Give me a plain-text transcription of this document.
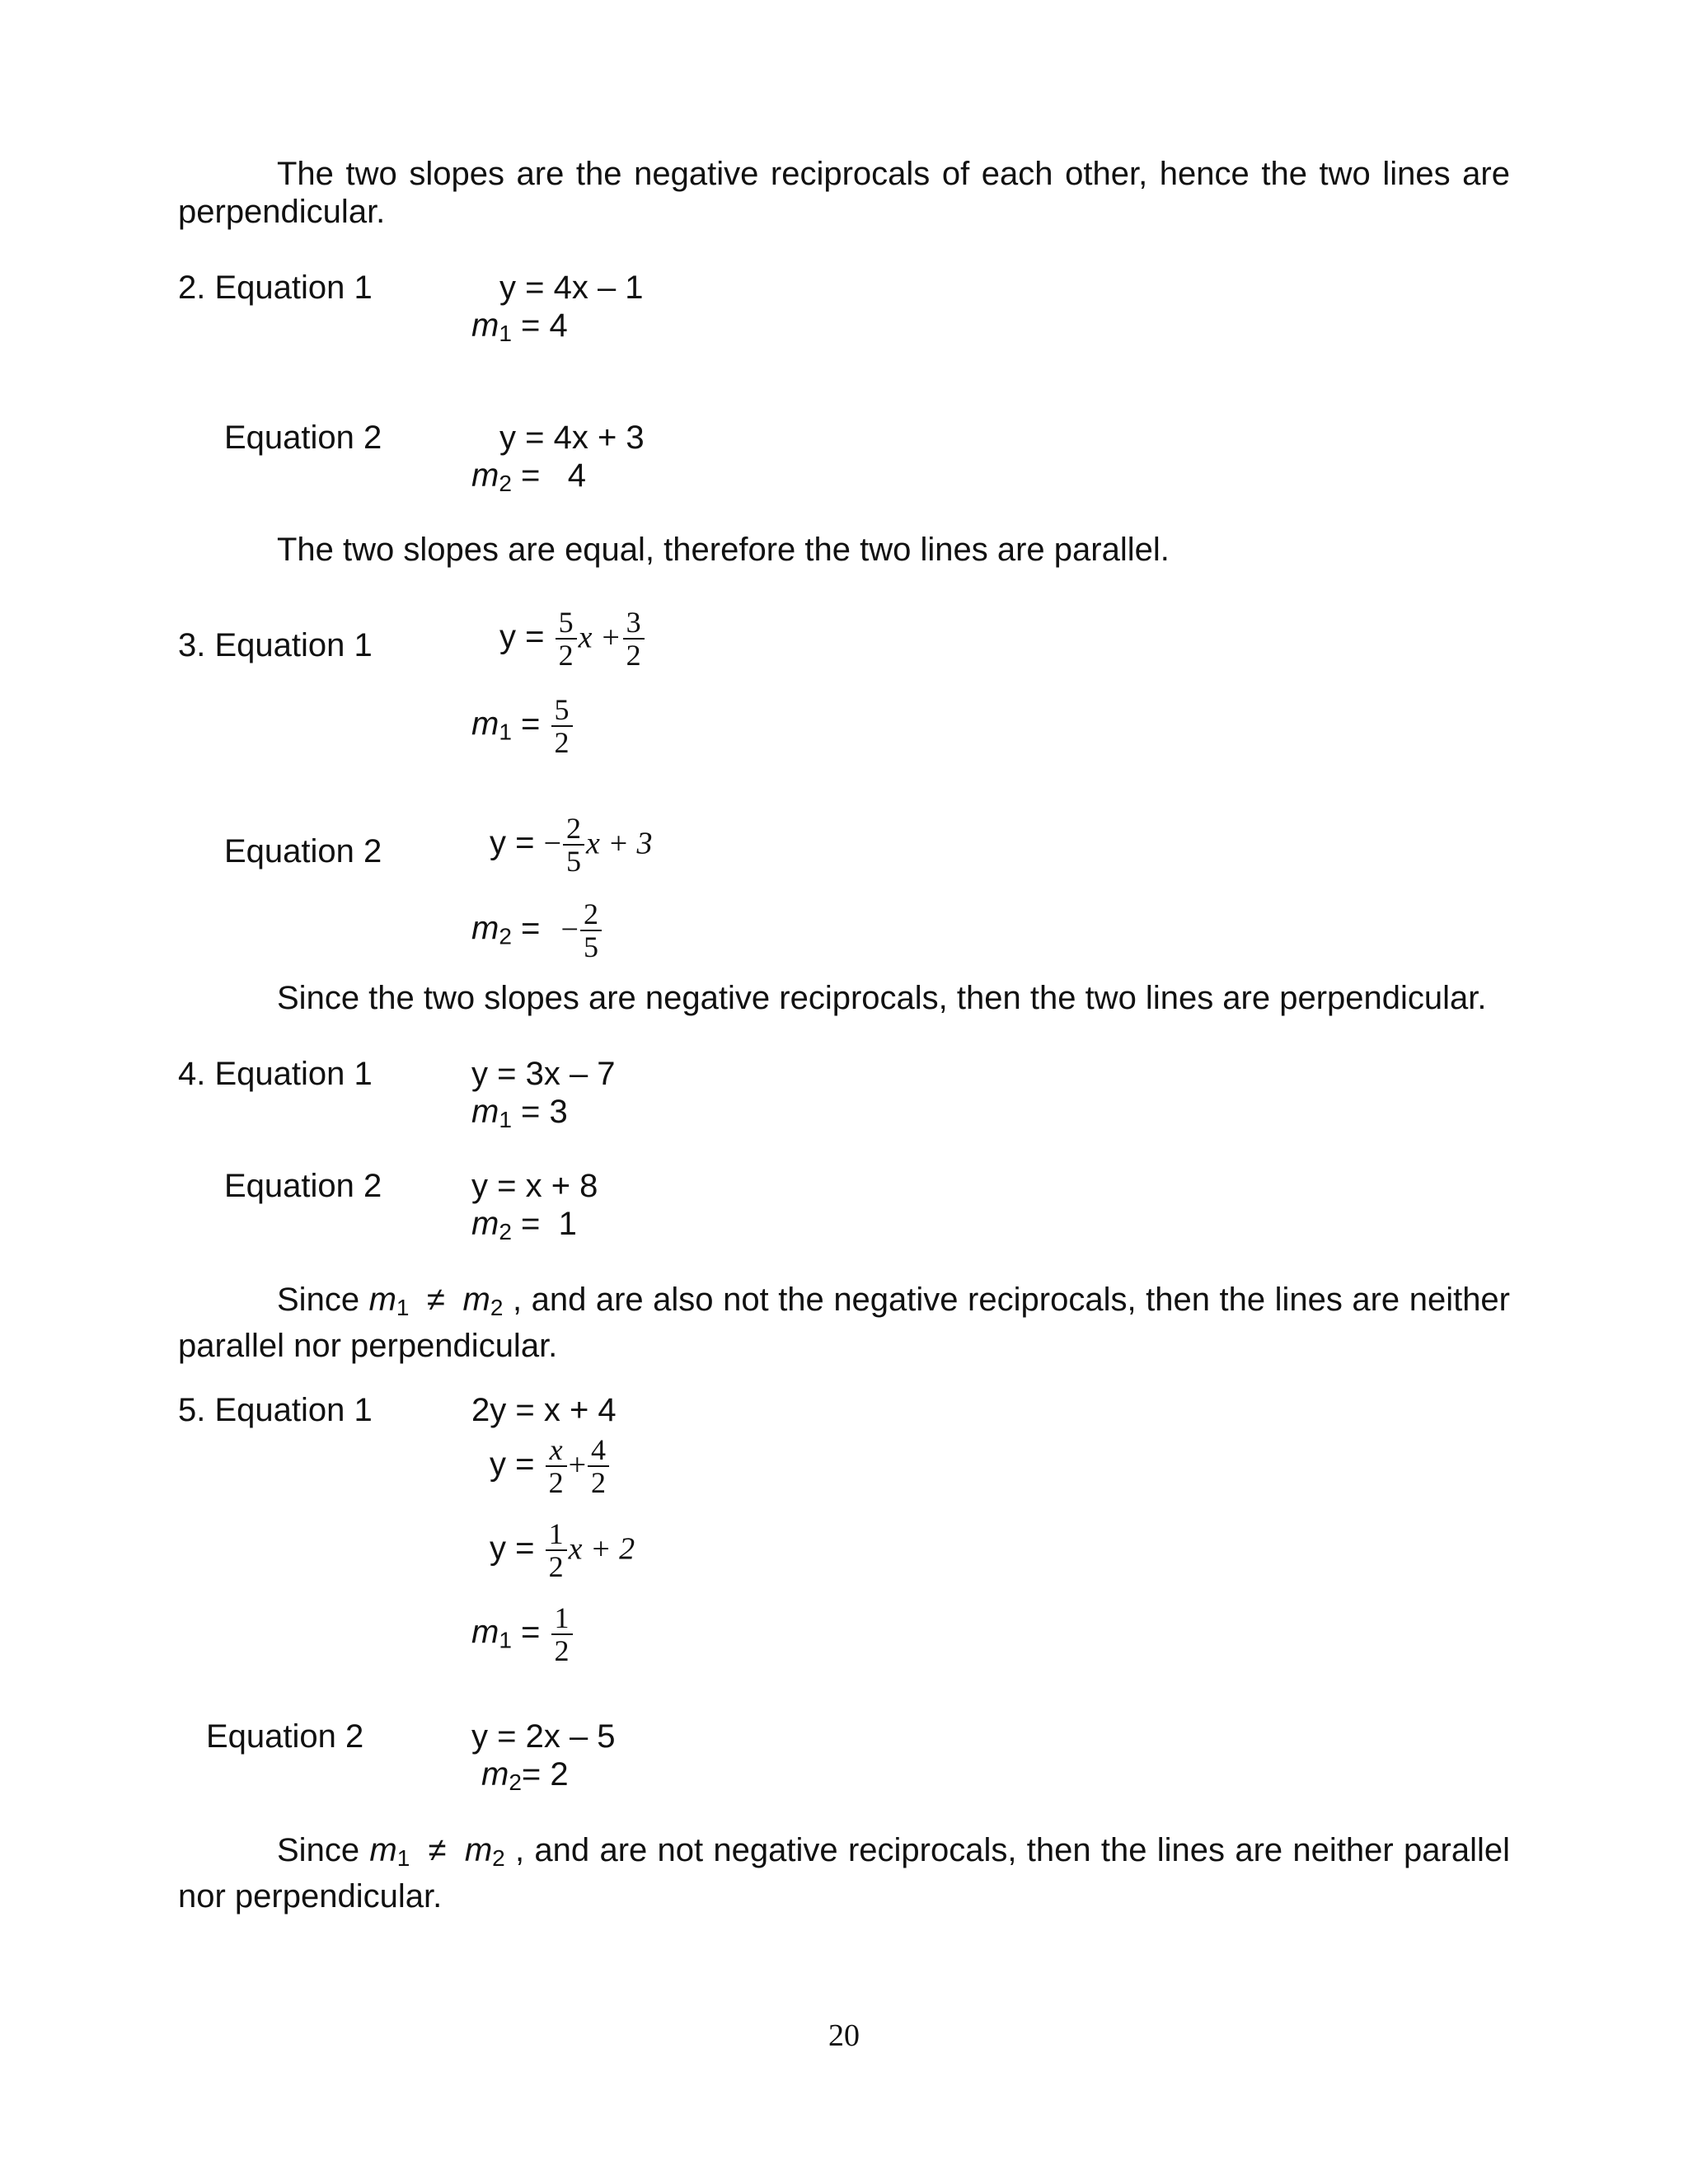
The two slopes are the negative reciprocals of each other, hence the two lines are
perpendicular.
2. Equation 1	y = 4x – 1
$m_1 = 4$
Equation 2	y = 4x + 3
$m_2 = 4$
The two slopes are equal, therefore the two lines are parallel.
3. Equation 1	$y = \frac{5}{2}$ $x + \frac{3}{2}$
$m_1 = \frac{5}{2}$
Equation 2	y = − $\frac{2}{5}$ x + 3
$m_2$ = − $\frac{2}{5}$
Since the two slopes are negative reciprocals, then the two lines are perpendicular.
4. Equation 1	y = 3x – 7
$m_1 = 3$
Equation 2	y = x + 8
$m_2 = 1$
Since $m_1 \ne m_2$ , and are also not the negative reciprocals, then the lines are neither
parallel nor perpendicular.
5. Equation 1	2y = x + 4
$y = \frac{x}{2} + \frac{4}{2}$
$y = \frac{1}{2}$ x + 2
$m_1 = \frac{1}{2}$
Equation 2	y = 2x – 5
$m_2= 2$
Since $m_1 \ne m_2$ , and are not negative reciprocals, then the lines are neither parallel
nor perpendicular.
20
